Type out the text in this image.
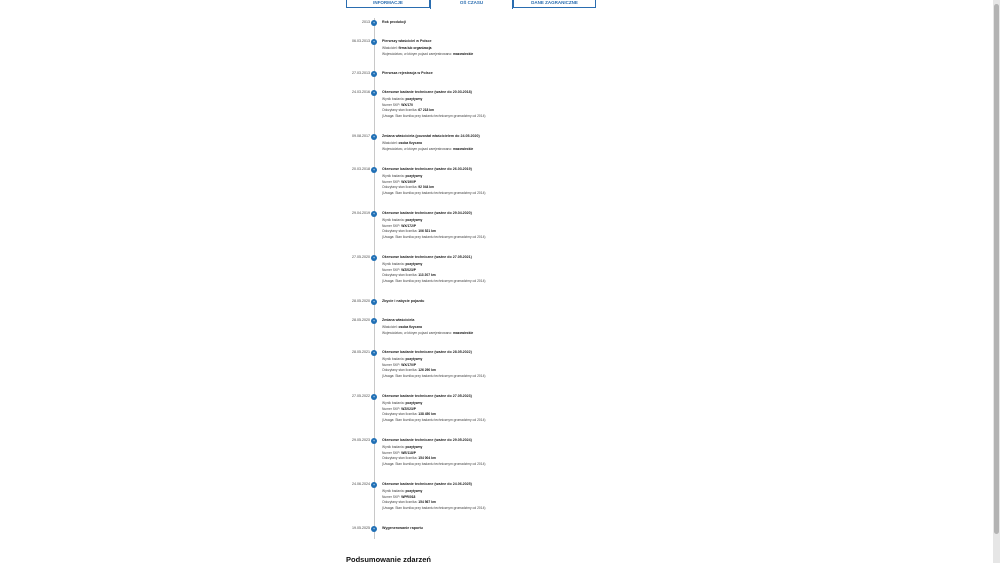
INFORMACJE	OŚ CZASU	DANE ZAGRANICZNE
2013 +	Rok produkcji
06.03.2013 +	Pierwszy właściciel w Polsce
Właściciel: firma lub organizacja
Województwo, w którym pojazd zarejestrowano: mazowieckie
27.03.2013 +	Pierwsza rejestracja w Polsce
24.03.2016 +	Okresowe badanie techniczne (ważne do 20.03.2018)
Wynik badania: pozytywny
Numer SKP: WX/170
Odczytany stan licznika: 67 218 km
(Uwaga: Stan licznika przy badaniu technicznym gromadzimy od 2014)
09.08.2017 +	Zmiana właściciela (pozostał właścicielem do 24.05.2020)
Właściciel: osoba fizyczna
Województwo, w którym pojazd zarejestrowano: mazowieckie
20.03.2018 +	Okresowe badanie techniczne (ważne do 26.03.2019)
Wynik badania: pozytywny
Numer SKP: WX/190/P
Odczytany stan licznika: 92 044 km
(Uwaga: Stan licznika przy badaniu technicznym gromadzimy od 2014)
29.04.2019 +	Okresowe badanie techniczne (ważne do 29.04.2020)
Wynik badania: pozytywny
Numer SKP: WX/172/P
Odczytany stan licznika: 106 521 km
(Uwaga: Stan licznika przy badaniu technicznym gromadzimy od 2014)
27.05.2020 +	Okresowe badanie techniczne (ważne do 27.05.2021)
Wynik badania: pozytywny
Numer SKP: WZ/023/P
Odczytany stan licznika: 113 207 km
(Uwaga: Stan licznika przy badaniu technicznym gromadzimy od 2014)
28.05.2020 +	Zbycie i nabycie pojazdu
28.05.2020 +	Zmiana właściciela
Właściciel: osoba fizyczna
Województwo, w którym pojazd zarejestrowano: mazowieckie
28.05.2021 +	Okresowe badanie techniczne (ważne do 28.05.2022)
Wynik badania: pozytywny
Numer SKP: WX/170/P
Odczytany stan licznika: 126 290 km
(Uwaga: Stan licznika przy badaniu technicznym gromadzimy od 2014)
27.05.2022 +	Okresowe badanie techniczne (ważne do 27.05.2023)
Wynik badania: pozytywny
Numer SKP: WZ/023/P
Odczytany stan licznika: 138 450 km
(Uwaga: Stan licznika przy badaniu technicznym gromadzimy od 2014)
29.05.2023 +	Okresowe badanie techniczne (ważne do 29.05.2024)
Wynik badania: pozytywny
Numer SKP: WE/118/P
Odczytany stan licznika: 154 004 km
(Uwaga: Stan licznika przy badaniu technicznym gromadzimy od 2014)
24.06.2024 +	Okresowe badanie techniczne (ważne do 24.06.2025)
Wynik badania: pozytywny
Numer SKP: WPR/018
Odczytany stan licznika: 154 567 km
(Uwaga: Stan licznika przy badaniu technicznym gromadzimy od 2014)
19.05.2025 +	Wygenerowanie raportu
Podsumowanie zdarzeń
